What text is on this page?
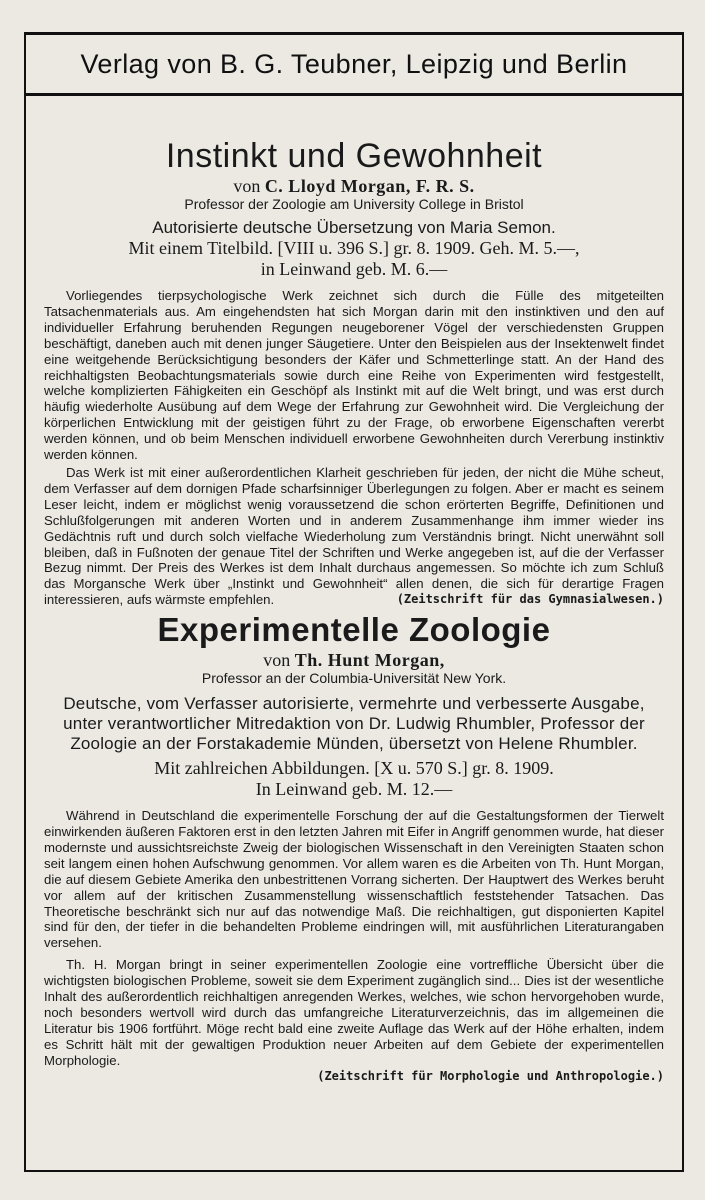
Verlag von B. G. Teubner, Leipzig und Berlin
Instinkt und Gewohnheit
von C. Lloyd Morgan, F. R. S.
Professor der Zoologie am University College in Bristol
Autorisierte deutsche Übersetzung von Maria Semon.
Mit einem Titelbild. [VIII u. 396 S.] gr. 8. 1909. Geh. M. 5.—,
in Leinwand geb. M. 6.—

Vorliegendes tierpsychologische Werk zeichnet sich durch die Fülle des mitgeteilten Tatsachenmaterials aus. Am eingehendsten hat sich Morgan darin mit den instinktiven und den auf individueller Erfahrung beruhenden Regungen neugeborener Vögel der verschiedensten Gruppen beschäftigt, daneben auch mit denen junger Säugetiere. Unter den Beispielen aus der Insektenwelt findet eine weitgehende Berücksichtigung besonders der Käfer und Schmetterlinge statt. An der Hand des reichhaltigsten Beobachtungsmaterials sowie durch eine Reihe von Experimenten wird festgestellt, welche komplizierten Fähigkeiten ein Geschöpf als Instinkt mit auf die Welt bringt, und was erst durch häufig wiederholte Ausübung auf dem Wege der Erfahrung zur Gewohnheit wird. Die Vergleichung der körperlichen Entwicklung mit der geistigen führt zu der Frage, ob erworbene Eigenschaften vererbt werden können, und ob beim Menschen individuell erworbene Gewohnheiten durch Vererbung instinktiv werden können.

Das Werk ist mit einer außerordentlichen Klarheit geschrieben für jeden, der nicht die Mühe scheut, dem Verfasser auf dem dornigen Pfade scharfsinniger Überlegungen zu folgen. Aber er macht es seinem Leser leicht, indem er möglichst wenig voraussetzend die schon erörterten Begriffe, Definitionen und Schlußfolgerungen mit anderen Worten und in anderem Zusammenhange ihm immer wieder ins Gedächtnis ruft und durch solch vielfache Wiederholung zum Verständnis bringt. Nicht unerwähnt soll bleiben, daß in Fußnoten der genaue Titel der Schriften und Werke angegeben ist, auf die der Verfasser Bezug nimmt. Der Preis des Werkes ist dem Inhalt durchaus angemessen. So möchte ich zum Schluß das Morgansche Werk über „Instinkt und Gewohnheit“ allen denen, die sich für derartige Fragen interessieren, aufs wärmste empfehlen.	(Zeitschrift für das Gymnasialwesen.)
Experimentelle Zoologie
von Th. Hunt Morgan,
Professor an der Columbia-Universität New York.
Deutsche, vom Verfasser autorisierte, vermehrte und verbesserte Ausgabe, unter verantwortlicher Mitredaktion von Dr. Ludwig Rhumbler, Professor der Zoologie an der Forstakademie Münden, übersetzt von Helene Rhumbler.
Mit zahlreichen Abbildungen. [X u. 570 S.] gr. 8. 1909.
In Leinwand geb. M. 12.—

Während in Deutschland die experimentelle Forschung der auf die Gestaltungsformen der Tierwelt einwirkenden äußeren Faktoren erst in den letzten Jahren mit Eifer in Angriff genommen wurde, hat dieser modernste und aussichtsreichste Zweig der biologischen Wissenschaft in den Vereinigten Staaten schon seit langem einen hohen Aufschwung genommen. Vor allem waren es die Arbeiten von Th. Hunt Morgan, die auf diesem Gebiete Amerika den unbestrittenen Vorrang sicherten. Der Hauptwert des Werkes beruht vor allem auf der kritischen Zusammenstellung wissenschaftlich feststehender Tatsachen. Das Theoretische beschränkt sich nur auf das notwendige Maß. Die reichhaltigen, gut disponierten Kapitel sind für den, der tiefer in die behandelten Probleme eindringen will, mit ausführlichen Literaturangaben versehen.

Th. H. Morgan bringt in seiner experimentellen Zoologie eine vortreffliche Übersicht über die wichtigsten biologischen Probleme, soweit sie dem Experiment zugänglich sind... Dies ist der wesentliche Inhalt des außerordentlich reichhaltigen anregenden Werkes, welches, wie schon hervorgehoben wurde, noch besonders wertvoll wird durch das umfangreiche Literaturverzeichnis, das im allgemeinen die Literatur bis 1906 fortführt. Möge recht bald eine zweite Auflage das Werk auf der Höhe erhalten, indem es Schritt hält mit der gewaltigen Produktion neuer Arbeiten auf dem Gebiete der experimentellen Morphologie.

(Zeitschrift für Morphologie und Anthropologie.)
